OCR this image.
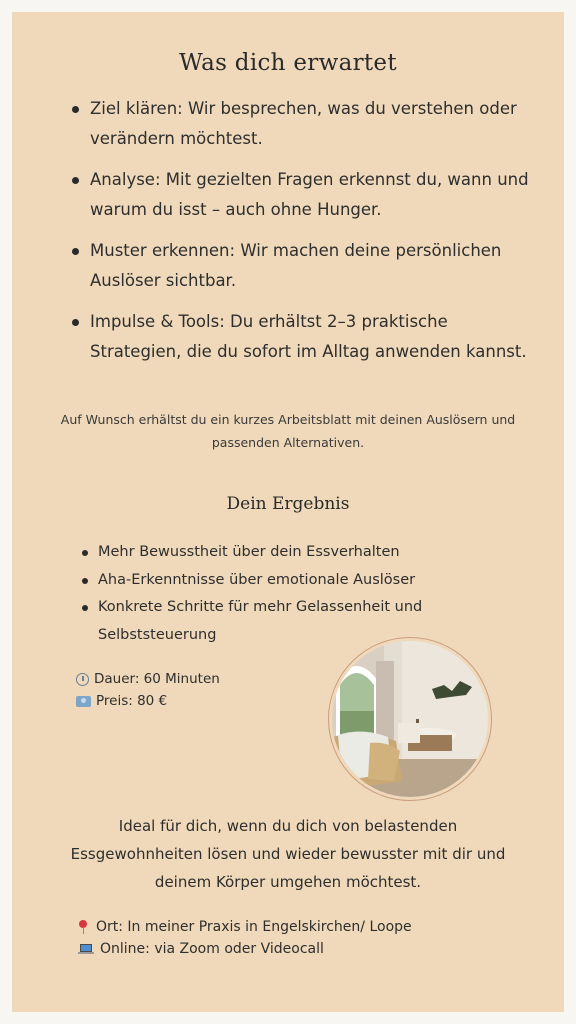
Was dich erwartet
Ziel klären: Wir besprechen, was du verstehen oder verändern möchtest.
Analyse: Mit gezielten Fragen erkennst du, wann und warum du isst – auch ohne Hunger.
Muster erkennen: Wir machen deine persönlichen Auslöser sichtbar.
Impulse & Tools: Du erhältst 2–3 praktische Strategien, die du sofort im Alltag anwenden kannst.
Auf Wunsch erhältst du ein kurzes Arbeitsblatt mit deinen Auslösern und passenden Alternativen.
Dein Ergebnis
Mehr Bewusstheit über dein Essverhalten
Aha-Erkenntnisse über emotionale Auslöser
Konkrete Schritte für mehr Gelassenheit und Selbststeuerung
Dauer: 60 Minuten
Preis: 80 €
Ideal für dich, wenn du dich von belastenden Essgewohnheiten lösen und wieder bewusster mit dir und deinem Körper umgehen möchtest.
Ort: In meiner Praxis in Engelskirchen/ Loope
Online: via Zoom oder Videocall
